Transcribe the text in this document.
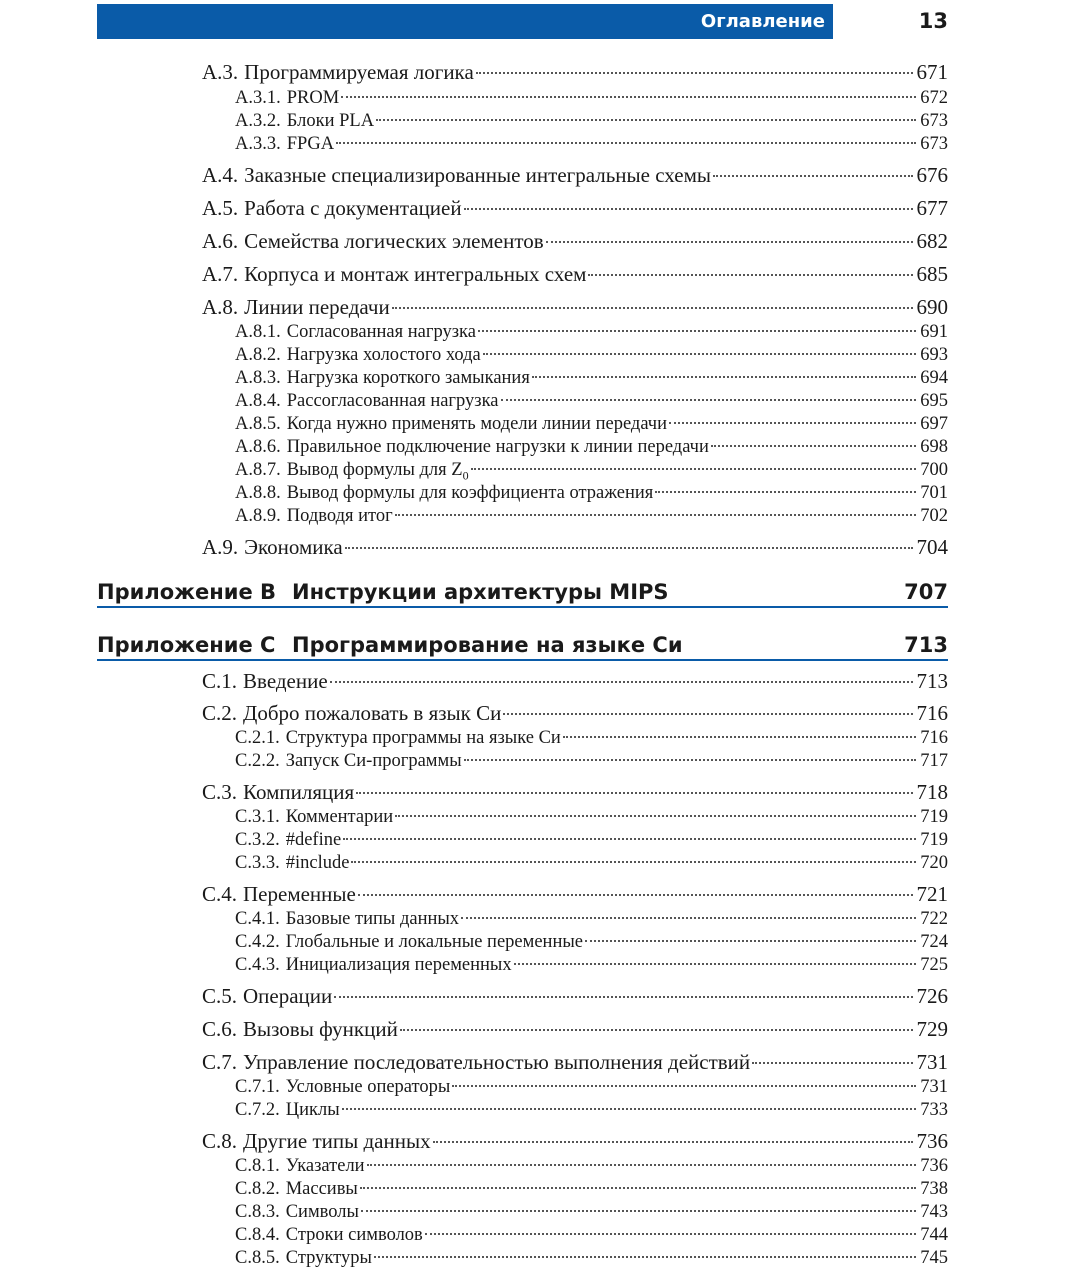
Оглавление	13
A.3. Программируемая логика	671
A.3.1. PROM	672
A.3.2. Блоки PLA	673
A.3.3. FPGA	673
A.4. Заказные специализированные интегральные схемы	676
A.5. Работа с документацией	677
A.6. Семейства логических элементов	682
A.7. Корпуса и монтаж интегральных схем	685
A.8. Линии передачи	690
A.8.1. Согласованная нагрузка	691
A.8.2. Нагрузка холостого хода	693
A.8.3. Нагрузка короткого замыкания	694
A.8.4. Рассогласованная нагрузка	695
A.8.5. Когда нужно применять модели линии передачи	697
A.8.6. Правильное подключение нагрузки к линии передачи	698
A.8.7. Вывод формулы для $Z_0$	700
A.8.8. Вывод формулы для коэффициента отражения	701
A.8.9. Подводя итог	702
A.9. Экономика	704
Приложение B Инструкции архитектуры MIPS	707
Приложение C Программирование на языке Си	713
C.1. Введение	713
C.2. Добро пожаловать в язык Си	716
C.2.1. Структура программы на языке Си	716
C.2.2. Запуск Си-программы	717
C.3. Компиляция	718
C.3.1. Комментарии	719
C.3.2. #define	719
C.3.3. #include	720
C.4. Переменные	721
C.4.1. Базовые типы данных	722
C.4.2. Глобальные и локальные переменные	724
C.4.3. Инициализация переменных	725
C.5. Операции	726
C.6. Вызовы функций	729
C.7. Управление последовательностью выполнения действий	731
C.7.1. Условные операторы	731
C.7.2. Циклы	733
C.8. Другие типы данных	736
C.8.1. Указатели	736
C.8.2. Массивы	738
C.8.3. Символы	743
C.8.4. Строки символов	744
C.8.5. Структуры	745
